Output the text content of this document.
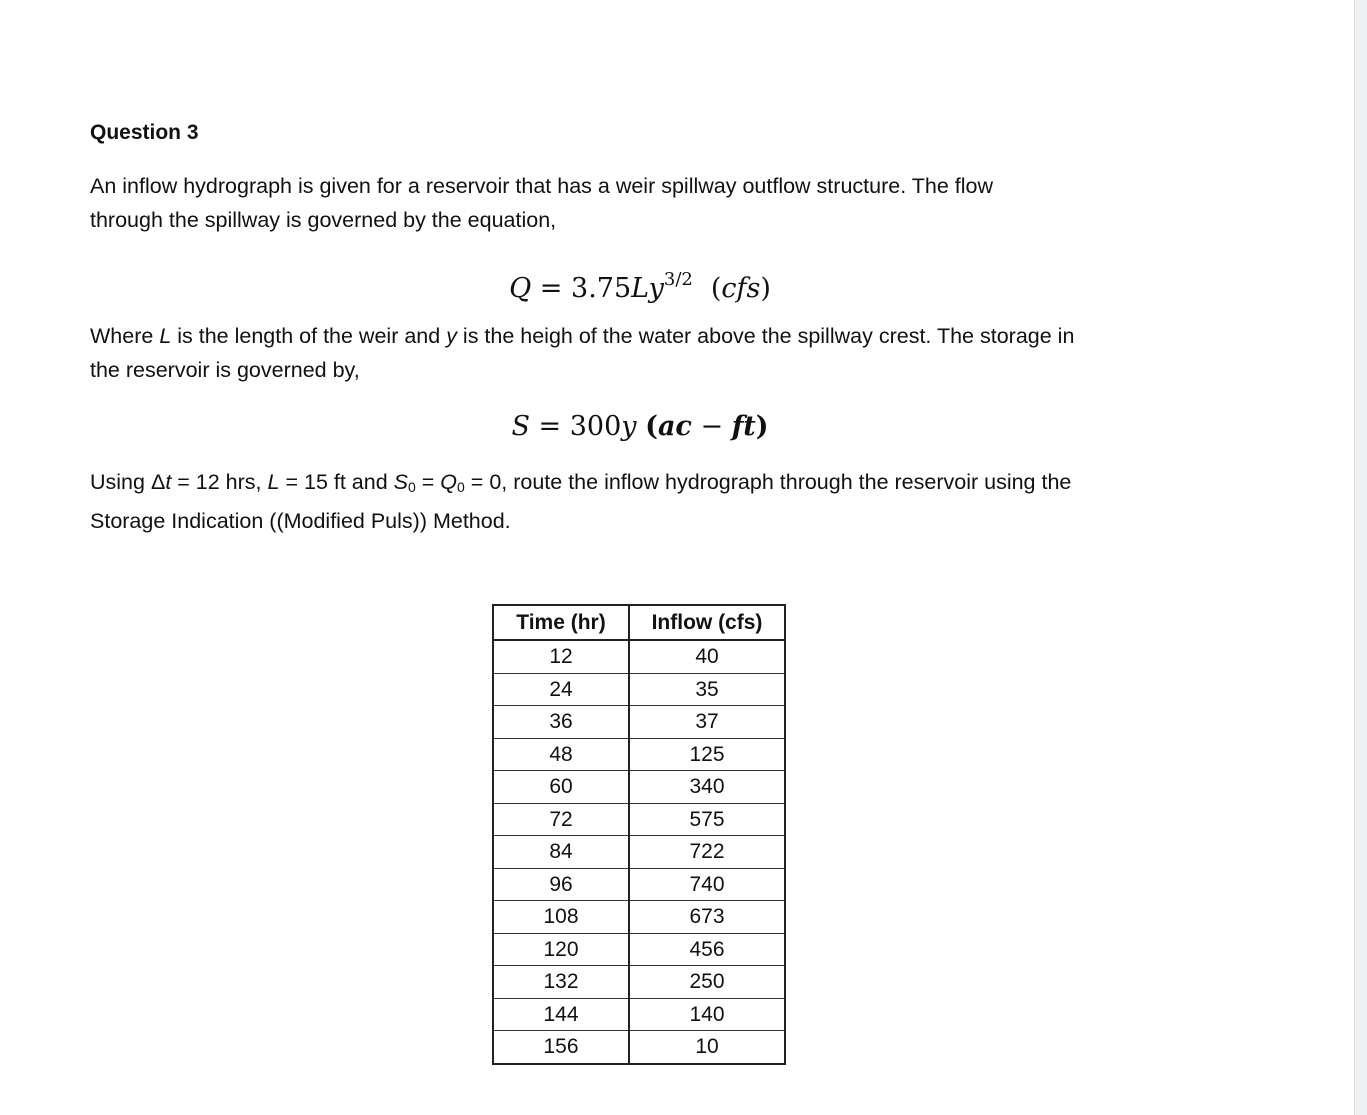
Question 3

An inflow hydrograph is given for a reservoir that has a weir spillway outflow structure. The flow
through the spillway is governed by the equation,

$Q = 3.75Ly^{3/2}$ (cfs)

Where L is the length of the weir and y is the heigh of the water above the spillway crest. The storage in
the reservoir is governed by,

S = 300y (ac − ft)

Using Δt = 12 hrs, L = 15 ft and $S_0 = Q_0 = 0$, route the inflow hydrograph through the reservoir using the
Storage Indication ((Modified Puls)) Method.

Time (hr)	Inflow (cfs)
12	40
24	35
36	37
48	125
60	340
72	575
84	722
96	740
108	673
120	456
132	250
144	140
156	10
